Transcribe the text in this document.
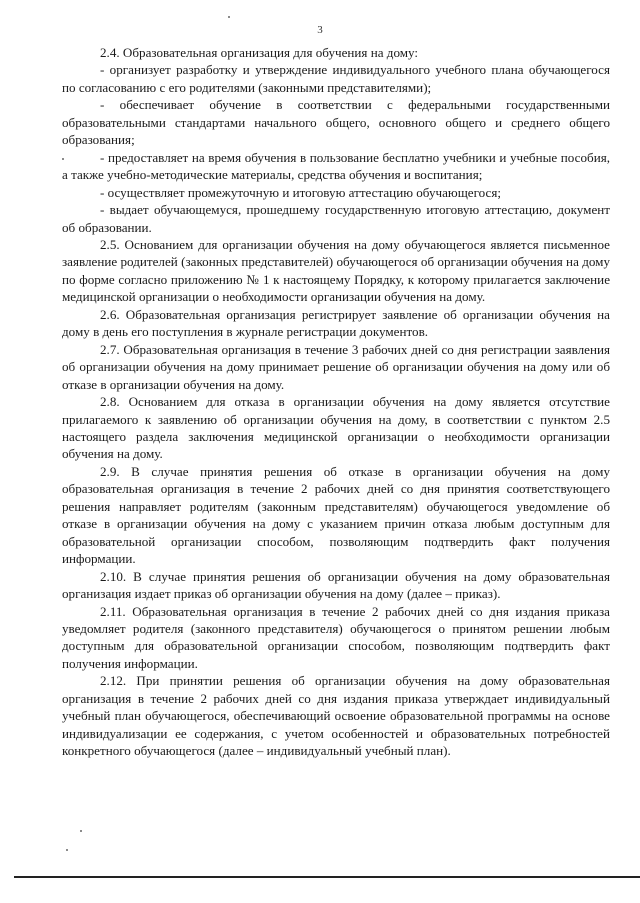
3

2.4. Образовательная организация для обучения на дому:

- организует разработку и утверждение индивидуального учебного плана обучающегося по согласованию с его родителями (законными представителями);

- обеспечивает обучение в соответствии с федеральными государственными образовательными стандартами начального общего, основного общего и среднего общего образования;

- предоставляет на время обучения в пользование бесплатно учебники и учебные пособия, а также учебно-методические материалы, средства обучения и воспитания;

- осуществляет промежуточную и итоговую аттестацию обучающегося;

- выдает обучающемуся, прошедшему государственную итоговую аттестацию, документ об образовании.

2.5. Основанием для организации обучения на дому обучающегося является письменное заявление родителей (законных представителей) обучающегося об организации обучения на дому по форме согласно приложению № 1 к настоящему Порядку, к которому прилагается заключение медицинской организации о необходимости организации обучения на дому.

2.6. Образовательная организация регистрирует заявление об организации обучения на дому в день его поступления в журнале регистрации документов.

2.7. Образовательная организация в течение 3 рабочих дней со дня регистрации заявления об организации обучения на дому принимает решение об организации обучения на дому или об отказе в организации обучения на дому.

2.8. Основанием для отказа в организации обучения на дому является отсутствие прилагаемого к заявлению об организации обучения на дому, в соответствии с пунктом 2.5 настоящего раздела заключения медицинской организации о необходимости организации обучения на дому.

2.9. В случае принятия решения об отказе в организации обучения на дому образовательная организация в течение 2 рабочих дней со дня принятия соответствующего решения направляет родителям (законным представителям) обучающегося уведомление об отказе в организации обучения на дому с указанием причин отказа любым доступным для образовательной организации способом, позволяющим подтвердить факт получения информации.

2.10. В случае принятия решения об организации обучения на дому образовательная организация издает приказ об организации обучения на дому (далее – приказ).

2.11. Образовательная организация в течение 2 рабочих дней со дня издания приказа уведомляет родителя (законного представителя) обучающегося о принятом решении любым доступным для образовательной организации способом, позволяющим подтвердить факт получения информации.

2.12. При принятии решения об организации обучения на дому образовательная организация в течение 2 рабочих дней со дня издания приказа утверждает индивидуальный учебный план обучающегося, обеспечивающий освоение образовательной программы на основе индивидуализации ее содержания, с учетом особенностей и образовательных потребностей конкретного обучающегося (далее – индивидуальный учебный план).
